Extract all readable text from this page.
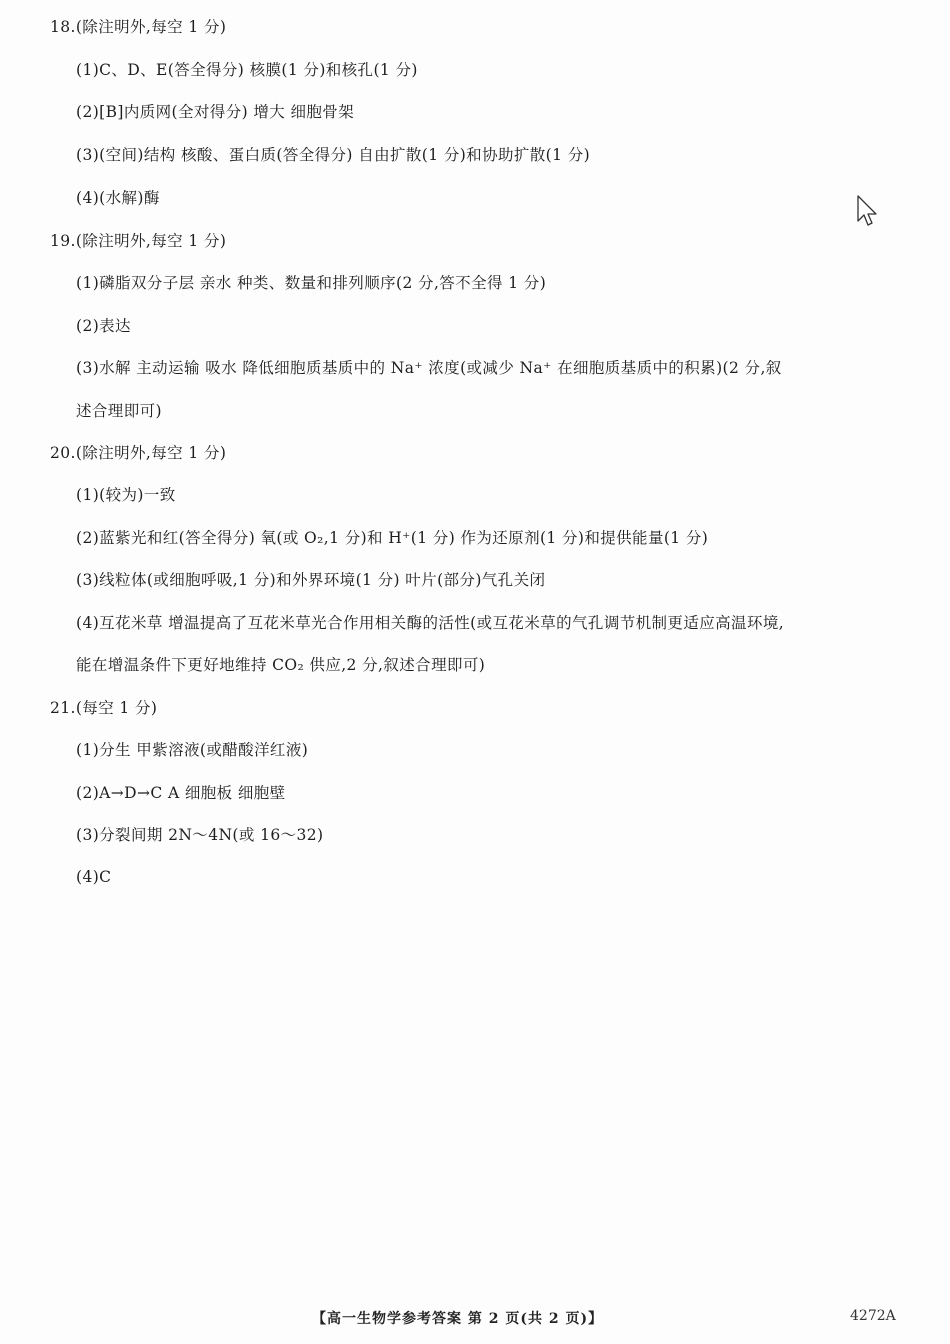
18.(除注明外,每空 1 分)
(1)C、D、E(答全得分) 核膜(1 分)和核孔(1 分)
(2)[B]内质网(全对得分) 增大 细胞骨架
(3)(空间)结构 核酸、蛋白质(答全得分) 自由扩散(1 分)和协助扩散(1 分)
(4)(水解)酶
19.(除注明外,每空 1 分)
(1)磷脂双分子层 亲水 种类、数量和排列顺序(2 分,答不全得 1 分)
(2)表达
(3)水解 主动运输 吸水 降低细胞质基质中的 Na⁺ 浓度(或减少 Na⁺ 在细胞质基质中的积累)(2 分,叙
述合理即可)
20.(除注明外,每空 1 分)
(1)(较为)一致
(2)蓝紫光和红(答全得分) 氧(或 O₂,1 分)和 H⁺(1 分) 作为还原剂(1 分)和提供能量(1 分)
(3)线粒体(或细胞呼吸,1 分)和外界环境(1 分) 叶片(部分)气孔关闭
(4)互花米草 增温提高了互花米草光合作用相关酶的活性(或互花米草的气孔调节机制更适应高温环境,
能在增温条件下更好地维持 CO₂ 供应,2 分,叙述合理即可)
21.(每空 1 分)
(1)分生 甲紫溶液(或醋酸洋红液)
(2)A→D→C A 细胞板 细胞壁
(3)分裂间期 2N～4N(或 16～32)
(4)C
【高一生物学参考答案 第 2 页(共 2 页)】	4272A
